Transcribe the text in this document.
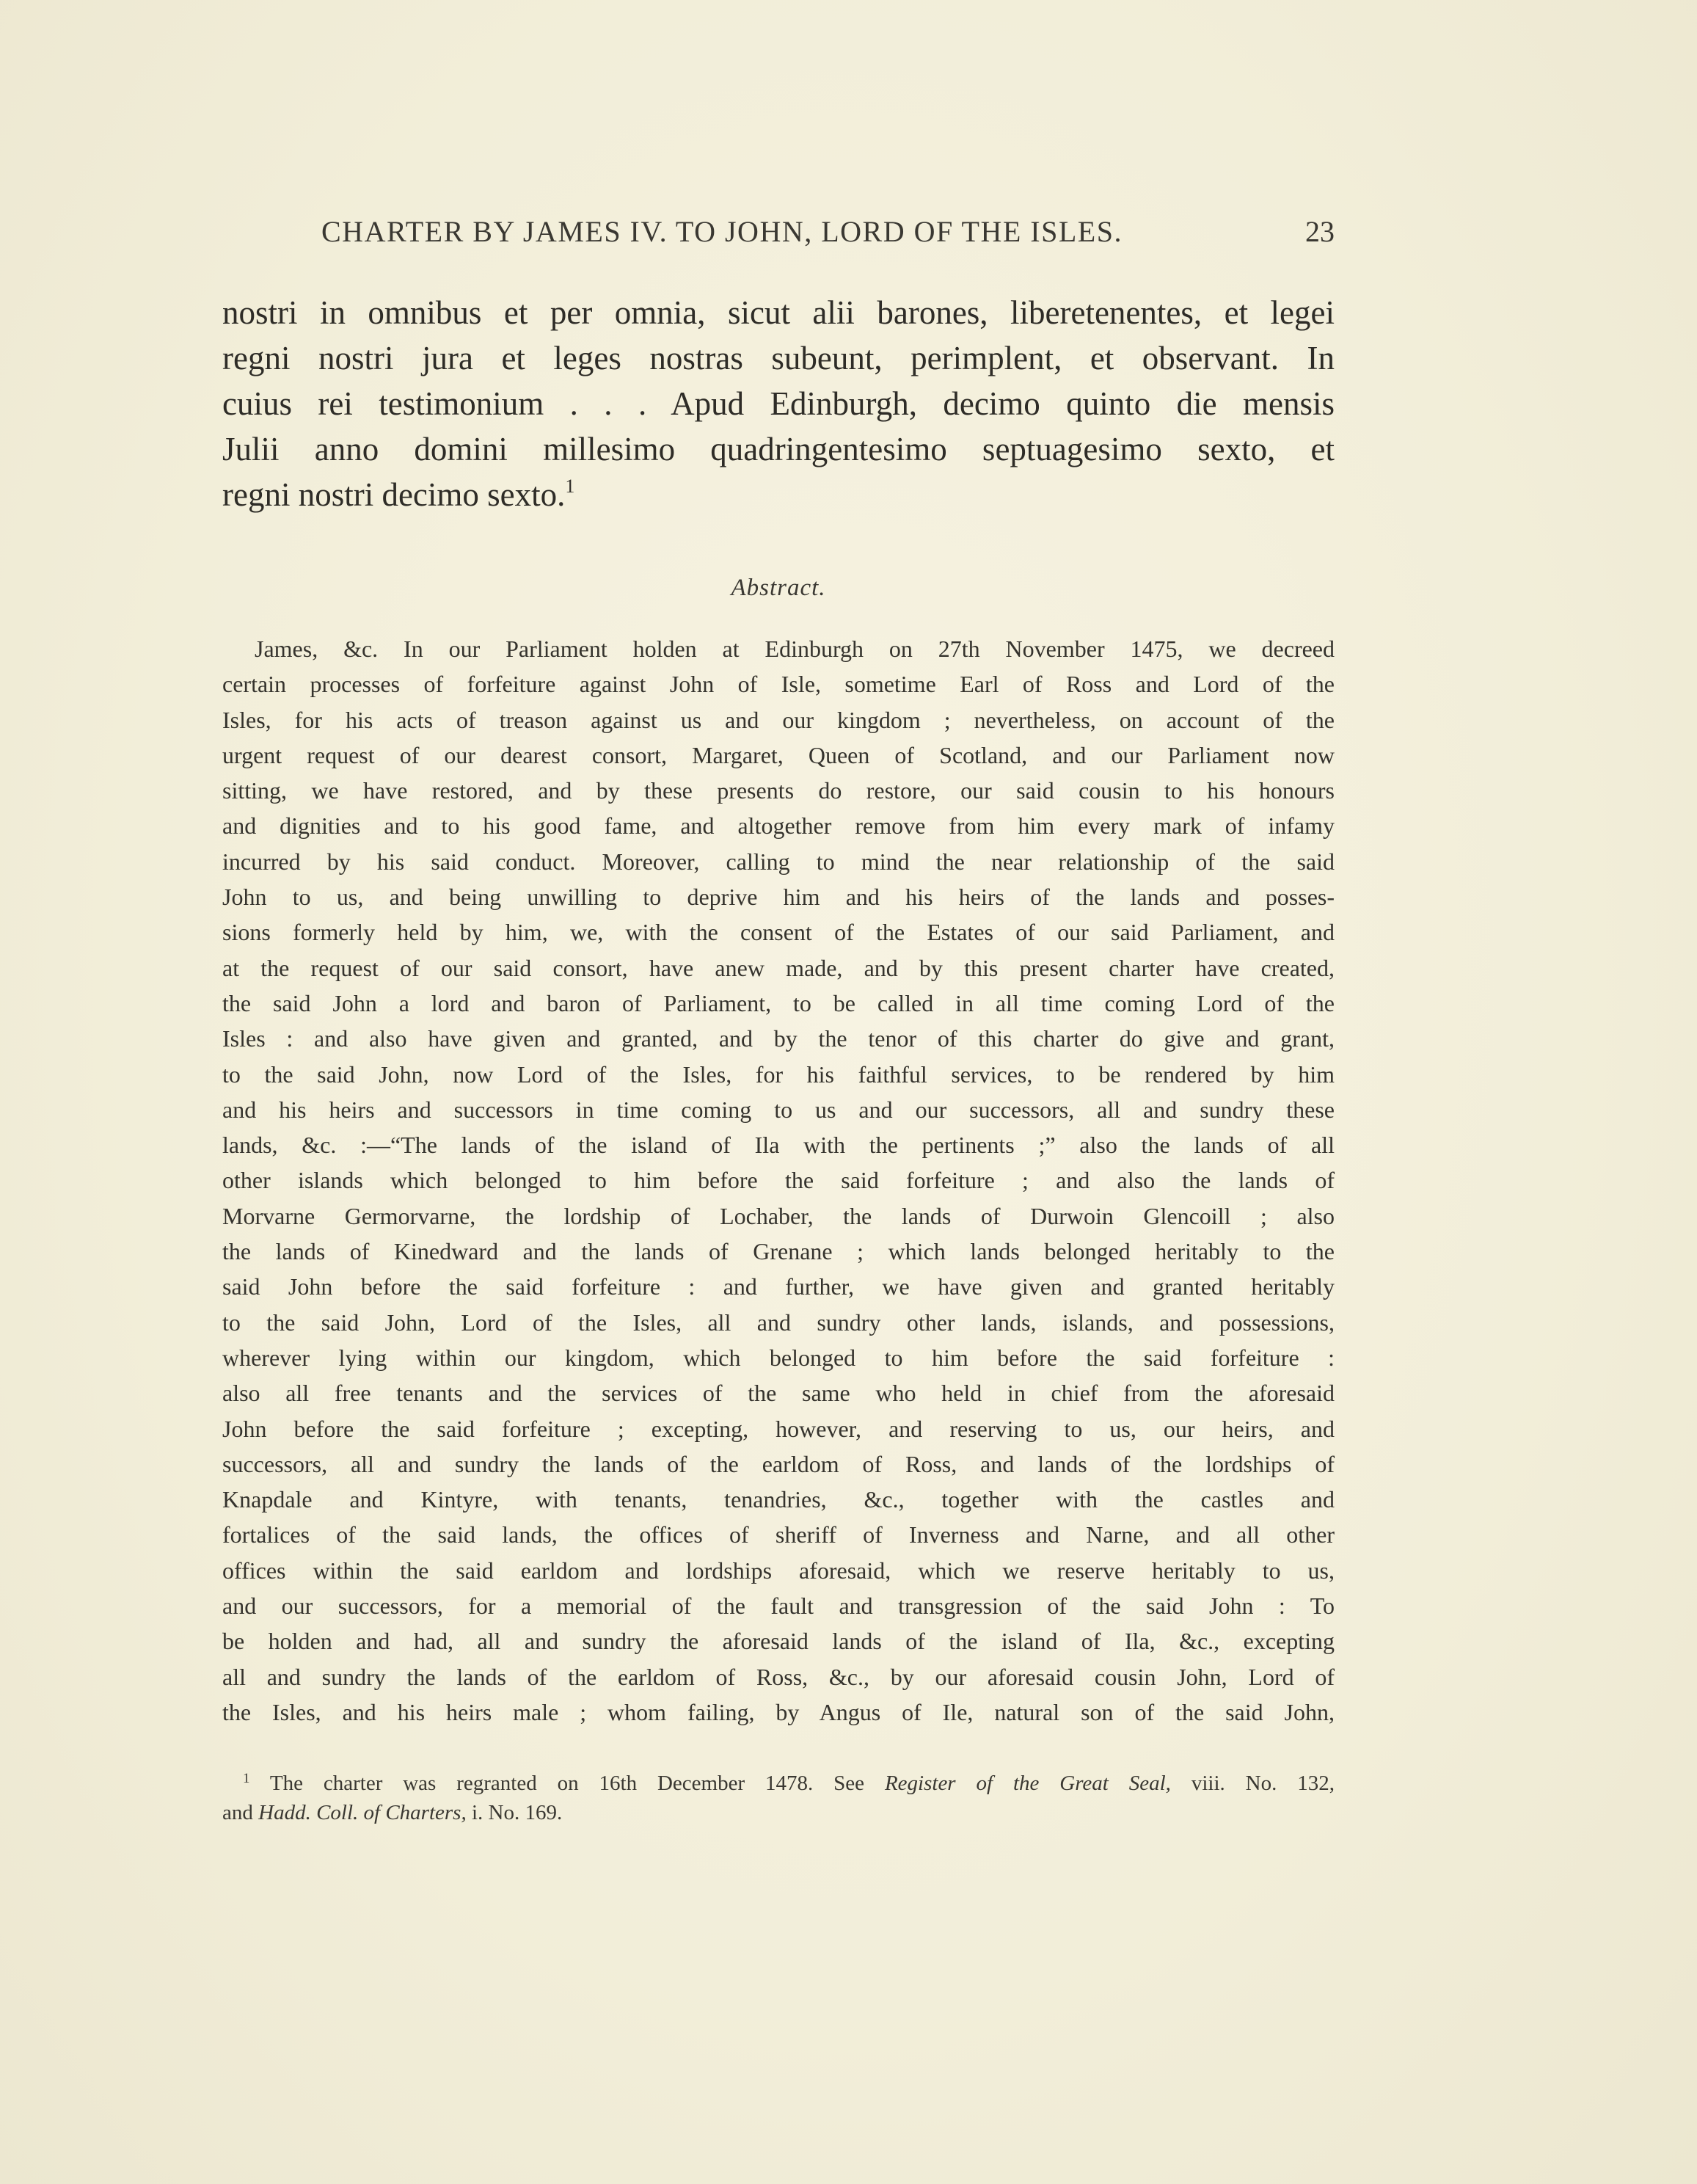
CHARTER BY JAMES IV. TO JOHN, LORD OF THE ISLES.	23
nostri in omnibus et per omnia, sicut alii barones, liberetenentes, et legei
regni nostri jura et leges nostras subeunt, perimplent, et observant. In
cuius rei testimonium . . . Apud Edinburgh, decimo quinto die mensis
Julii anno domini millesimo quadringentesimo septuagesimo sexto, et
regni nostri decimo sexto.$^1$
Abstract.
James, &c. In our Parliament holden at Edinburgh on 27th November 1475, we decreed
certain processes of forfeiture against John of Isle, sometime Earl of Ross and Lord of the
Isles, for his acts of treason against us and our kingdom ; nevertheless, on account of the
urgent request of our dearest consort, Margaret, Queen of Scotland, and our Parliament now
sitting, we have restored, and by these presents do restore, our said cousin to his honours
and dignities and to his good fame, and altogether remove from him every mark of infamy
incurred by his said conduct. Moreover, calling to mind the near relationship of the said
John to us, and being unwilling to deprive him and his heirs of the lands and posses-
sions formerly held by him, we, with the consent of the Estates of our said Parliament, and
at the request of our said consort, have anew made, and by this present charter have created,
the said John a lord and baron of Parliament, to be called in all time coming Lord of the
Isles : and also have given and granted, and by the tenor of this charter do give and grant,
to the said John, now Lord of the Isles, for his faithful services, to be rendered by him
and his heirs and successors in time coming to us and our successors, all and sundry these
lands, &c. :—“The lands of the island of Ila with the pertinents ;” also the lands of all
other islands which belonged to him before the said forfeiture ; and also the lands of
Morvarne Germorvarne, the lordship of Lochaber, the lands of Durwoin Glencoill ; also
the lands of Kinedward and the lands of Grenane ; which lands belonged heritably to the
said John before the said forfeiture : and further, we have given and granted heritably
to the said John, Lord of the Isles, all and sundry other lands, islands, and possessions,
wherever lying within our kingdom, which belonged to him before the said forfeiture :
also all free tenants and the services of the same who held in chief from the aforesaid
John before the said forfeiture ; excepting, however, and reserving to us, our heirs, and
successors, all and sundry the lands of the earldom of Ross, and lands of the lordships of
Knapdale and Kintyre, with tenants, tenandries, &c., together with the castles and
fortalices of the said lands, the offices of sheriff of Inverness and Narne, and all other
offices within the said earldom and lordships aforesaid, which we reserve heritably to us,
and our successors, for a memorial of the fault and transgression of the said John : To
be holden and had, all and sundry the aforesaid lands of the island of Ila, &c., excepting
all and sundry the lands of the earldom of Ross, &c., by our aforesaid cousin John, Lord of
the Isles, and his heirs male ; whom failing, by Angus of Ile, natural son of the said John,
$^1$ The charter was regranted on 16th December 1478. See Register of the Great Seal, viii. No. 132,
and Hadd. Coll. of Charters, i. No. 169.
